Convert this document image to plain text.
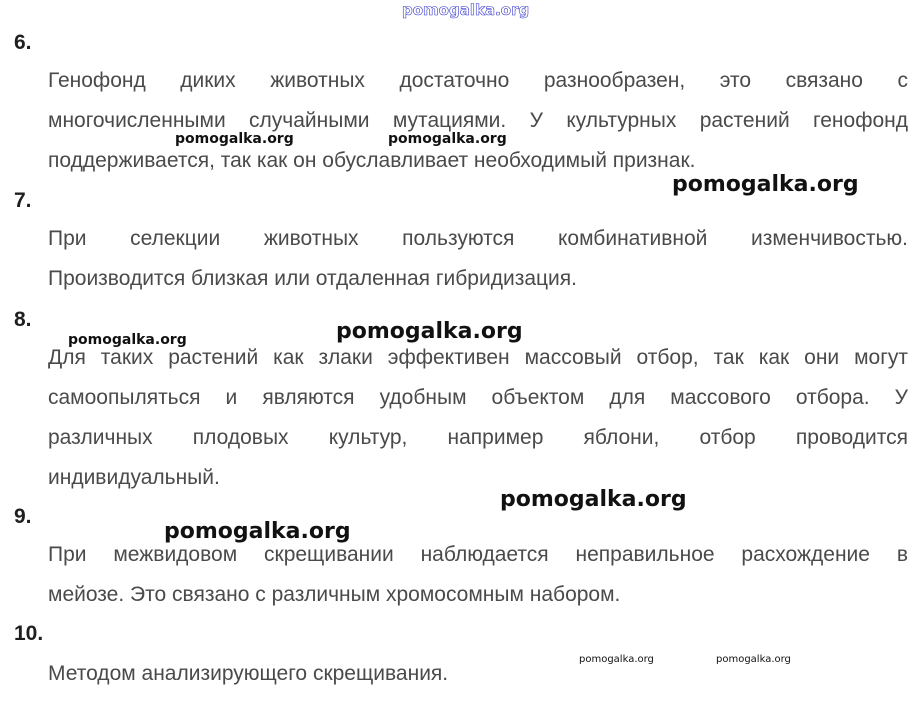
pomogalka.org
6.
Генофонд диких животных достаточно разнообразен, это связано с
многочисленными случайными мутациями. У культурных растений генофонд
поддерживается, так как он обуславливает необходимый признак.
7.
При селекции животных пользуются комбинативной изменчивостью.
Производится близкая или отдаленная гибридизация.
8.
Для таких растений как злаки эффективен массовый отбор, так как они могут
самоопыляться и являются удобным объектом для массового отбора. У
различных плодовых культур, например яблони, отбор проводится
индивидуальный.
9.
При межвидовом скрещивании наблюдается неправильное расхождение в
мейозе. Это связано с различным хромосомным набором.
10.
Методом анализирующего скрещивания.
pomogalka.org	pomogalka.org
pomogalka.org
pomogalka.org	pomogalka.org
pomogalka.org
pomogalka.org
pomogalka.org	pomogalka.org
